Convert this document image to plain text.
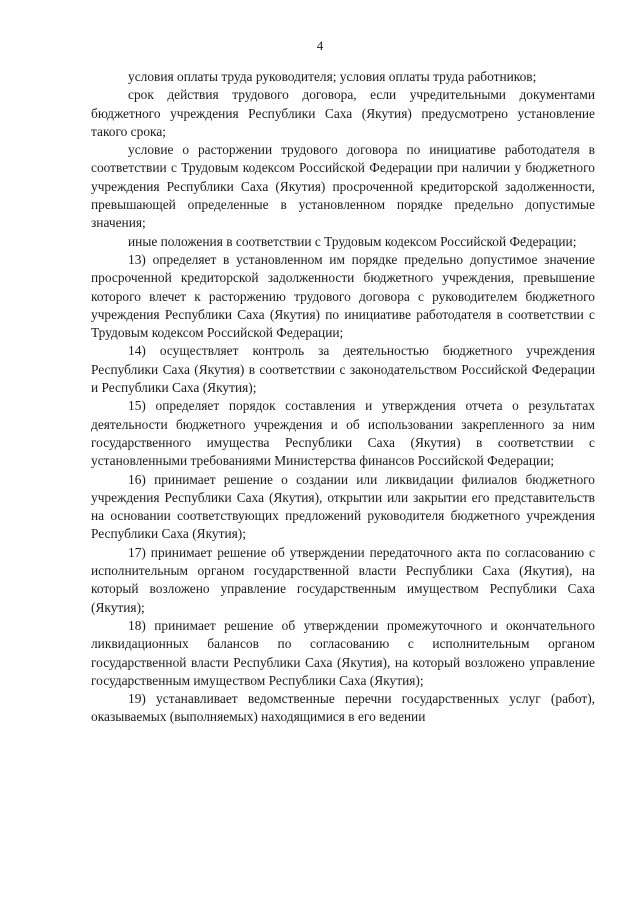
4

условия оплаты труда руководителя; условия оплаты труда работников;

срок действия трудового договора, если учредительными документами бюджетного учреждения Республики Саха (Якутия) предусмотрено установление такого срока;

условие о расторжении трудового договора по инициативе работодателя в соответствии с Трудовым кодексом Российской Федерации при наличии у бюджетного учреждения Республики Саха (Якутия) просроченной кредиторской задолженности, превышающей определенные в установленном порядке предельно допустимые значения;

иные положения в соответствии с Трудовым кодексом Российской Федерации;

13) определяет в установленном им порядке предельно допустимое значение просроченной кредиторской задолженности бюджетного учреждения, превышение которого влечет к расторжению трудового договора с руководителем бюджетного учреждения Республики Саха (Якутия) по инициативе работодателя в соответствии с Трудовым кодексом Российской Федерации;

14) осуществляет контроль за деятельностью бюджетного учреждения Республики Саха (Якутия) в соответствии с законодательством Российской Федерации и Республики Саха (Якутия);

15) определяет порядок составления и утверждения отчета о результатах деятельности бюджетного учреждения и об использовании закрепленного за ним государственного имущества Республики Саха (Якутия) в соответствии с установленными требованиями Министерства финансов Российской Федерации;

16) принимает решение о создании или ликвидации филиалов бюджетного учреждения Республики Саха (Якутия), открытии или закрытии его представительств на основании соответствующих предложений руководителя бюджетного учреждения Республики Саха (Якутия);

17) принимает решение об утверждении передаточного акта по согласованию с исполнительным органом государственной власти Республики Саха (Якутия), на который возложено управление государственным имуществом Республики Саха (Якутия);

18) принимает решение об утверждении промежуточного и окончательного ликвидационных балансов по согласованию с исполнительным органом государственной власти Республики Саха (Якутия), на который возложено управление государственным имуществом Республики Саха (Якутия);

19) устанавливает ведомственные перечни государственных услуг (работ), оказываемых (выполняемых) находящимися в его ведении
